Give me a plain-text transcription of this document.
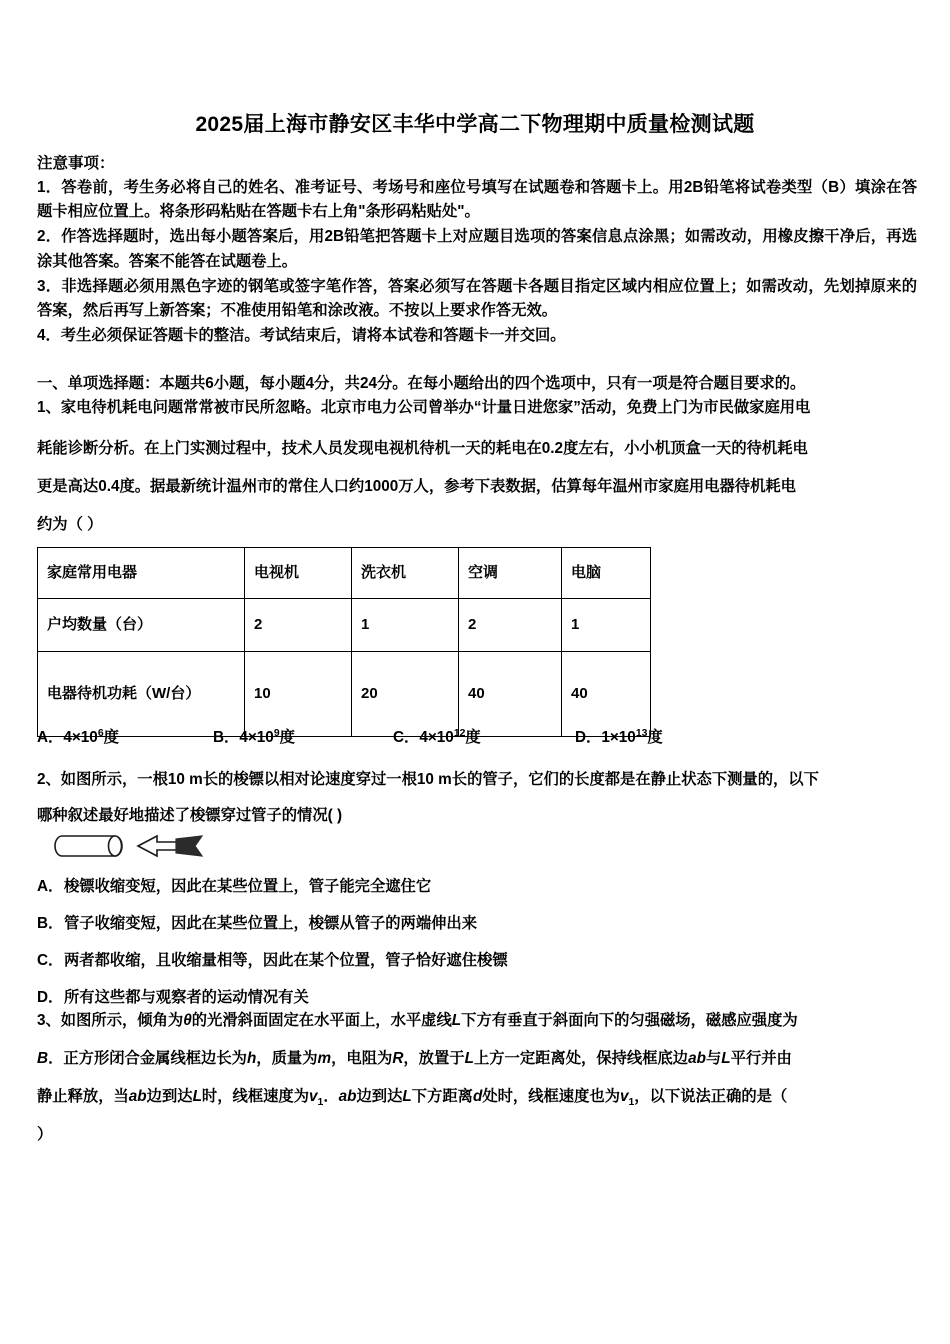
2025届上海市静安区丰华中学高二下物理期中质量检测试题
注意事项：
1．答卷前，考生务必将自己的姓名、准考证号、考场号和座位号填写在试题卷和答题卡上。用2B铅笔将试卷类型（B）填涂在答题卡相应位置上。将条形码粘贴在答题卡右上角"条形码粘贴处"。
2．作答选择题时，选出每小题答案后，用2B铅笔把答题卡上对应题目选项的答案信息点涂黑；如需改动，用橡皮擦干净后，再选涂其他答案。答案不能答在试题卷上。
3．非选择题必须用黑色字迹的钢笔或签字笔作答，答案必须写在答题卡各题目指定区域内相应位置上；如需改动，先划掉原来的答案，然后再写上新答案；不准使用铅笔和涂改液。不按以上要求作答无效。
4．考生必须保证答题卡的整洁。考试结束后，请将本试卷和答题卡一并交回。
一、单项选择题：本题共6小题，每小题4分，共24分。在每小题给出的四个选项中，只有一项是符合题目要求的。
1、家电待机耗电问题常常被市民所忽略。北京市电力公司曾举办“计量日进您家”活动，免费上门为市民做家庭用电
耗能诊断分析。在上门实测过程中，技术人员发现电视机待机一天的耗电在0.2度左右，小小机顶盒一天的待机耗电
更是高达0.4度。据最新统计温州市的常住人口约1000万人，参考下表数据，估算每年温州市家庭用电器待机耗电
约为（ ）
家庭常用电器	电视机	洗衣机	空调	电脑
户均数量（台）	2	1	2	1
电器待机功耗（W/台）	10	20	40	40
A．$4\times 10^6$度	B．$4\times 10^9$度	C．$4\times 10^{12}$度	D．$1\times 10^{13}$度
2、如图所示，一根10 m长的梭镖以相对论速度穿过一根10 m长的管子，它们的长度都是在静止状态下测量的，以下
哪种叙述最好地描述了梭镖穿过管子的情况( )
A．梭镖收缩变短，因此在某些位置上，管子能完全遮住它
B．管子收缩变短，因此在某些位置上，梭镖从管子的两端伸出来
C．两者都收缩，且收缩量相等，因此在某个位置，管子恰好遮住梭镖
D．所有这些都与观察者的运动情况有关
3、如图所示，倾角为θ的光滑斜面固定在水平面上，水平虚线L下方有垂直于斜面向下的匀强磁场，磁感应强度为
B．正方形闭合金属线框边长为h，质量为m，电阻为R，放置于L上方一定距离处，保持线框底边ab与L平行并由
静止释放，当ab边到达L时，线框速度为$v_1$．ab边到达L下方距离d处时，线框速度也为$v_1$，以下说法正确的是（
）
